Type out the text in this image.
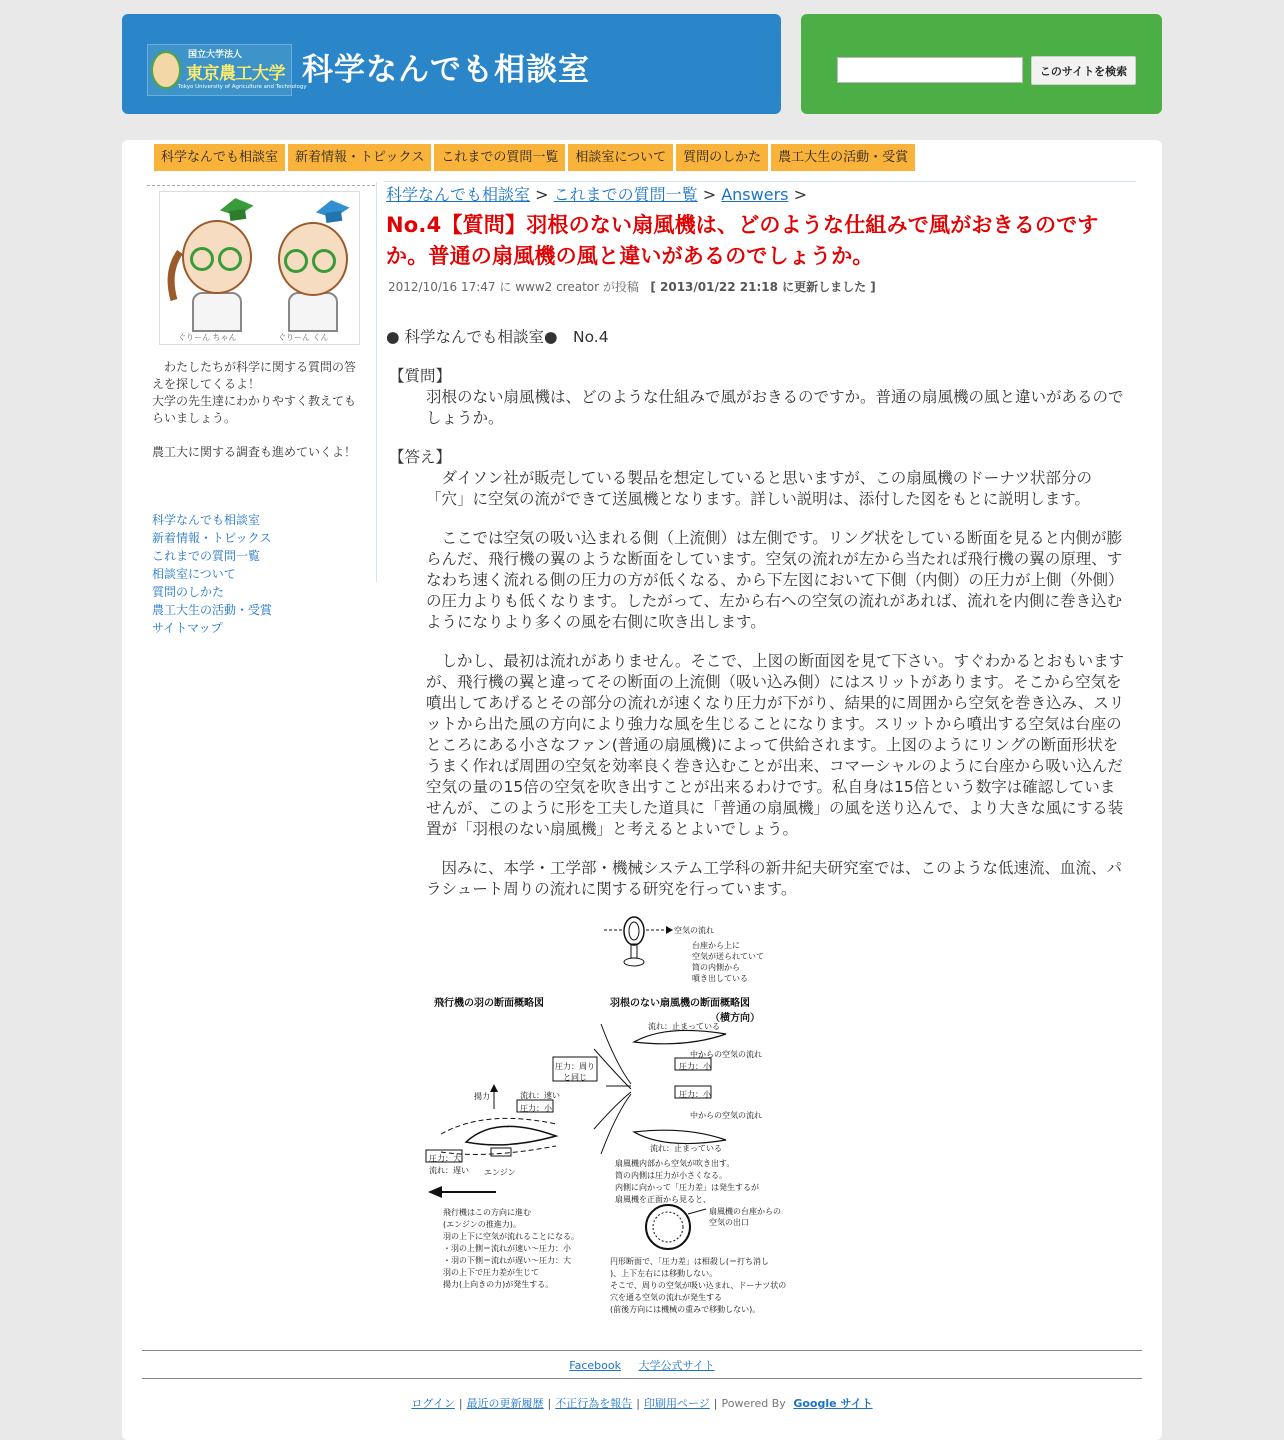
国立大学法人
東京農工大学
Tokyo University of Agriculture and Technology
科学なんでも相談室	このサイトを検索
科学なんでも相談室 新着情報・トピックス これまでの質問一覧 相談室について 質問のしかた 農工大生の活動・受賞
ぐりーん ちゃん	ぐりーん くん
　わたしたちが科学に関する質問の答えを探してくるよ！
大学の先生達にわかりやすく教えてもらいましょう。
農工大に関する調査も進めていくよ！
科学なんでも相談室
新着情報・トピックス
これまでの質問一覧
相談室について
質問のしかた
農工大生の活動・受賞
サイトマップ
科学なんでも相談室 > これまでの質問一覧 > Answers >
No.4【質問】羽根のない扇風機は、どのような仕組みで風がおきるのですか。普通の扇風機の風と違いがあるのでしょうか。
2012/10/16 17:47 に www2 creator が投稿 [ 2013/01/22 21:18 に更新しました ]
● 科学なんでも相談室●　No.4
【質問】
羽根のない扇風機は、どのような仕組みで風がおきるのですか。普通の扇風機の風と違いがあるのでしょうか。
【答え】
　ダイソン社が販売している製品を想定していると思いますが、この扇風機のドーナツ状部分の「穴」に空気の流ができて送風機となります。詳しい説明は、添付した図をもとに説明します。
　ここでは空気の吸い込まれる側（上流側）は左側です。リング状をしている断面を見ると内側が膨らんだ、飛行機の翼のような断面をしています。空気の流れが左から当たれば飛行機の翼の原理、すなわち速く流れる側の圧力の方が低くなる、から下左図において下側（内側）の圧力が上側（外側）の圧力よりも低くなります。したがって、左から右への空気の流れがあれば、流れを内側に巻き込むようになりより多くの風を右側に吹き出します。
　しかし、最初は流れがありません。そこで、上図の断面図を見て下さい。すぐわかるとおもいますが、飛行機の翼と違ってその断面の上流側（吸い込み側）にはスリットがあります。そこから空気を噴出してあげるとその部分の流れが速くなり圧力が下がり、結果的に周囲から空気を巻き込み、スリットから出た風の方向により強力な風を生じることになります。スリットから噴出する空気は台座のところにある小さなファン(普通の扇風機)によって供給されます。上図のようにリングの断面形状をうまく作れば周囲の空気を効率良く巻き込むことが出来、コマーシャルのように台座から吸い込んだ空気の量の15倍の空気を吹き出すことが出来るわけです。私自身は15倍という数字は確認していませんが、このように形を工夫した道具に「普通の扇風機」の風を送り込んで、より大きな風にする装置が「羽根のない扇風機」と考えるとよいでしょう。
　因みに、本学・工学部・機械システム工学科の新井紀夫研究室では、このような低速流、血流、パラシュート周りの流れに関する研究を行っています。
空気の流れ
台座から上に
空気が送られていて
筒の内側から
噴き出している
飛行機の羽の断面概略図	羽根のない扇風機の断面概略図
（横方向）
流れ：止まっている
中からの空気の流れ
圧力：小
圧力：周りと同じ
圧力：小
揚力	流れ：速い
圧力：小
中からの空気の流れ
流れ：止まっている
圧力：大
流れ：遅い エンジン
扇風機内部から空気が吹き出す。
筒の内側は圧力が小さくなる。
内側に向かって「圧力差」は発生するが
扇風機を正面から見ると、
扇風機の台座からの
空気の出口
飛行機はこの方向に進む
(エンジンの推進力)。
羽の上下に空気が流れることになる。
・羽の上側＝流れが速い～圧力：小
・羽の下側＝流れが遅い～圧力：大
羽の上下で圧力差が生じて
揚力(上向きの力)が発生する。
円形断面で、「圧力差」は相殺し(＝打ち消し
)、上下左右には移動しない。
そこで、周りの空気が吸い込まれ、ドーナツ状の
穴を通る空気の流れが発生する
(前後方向には機械の重みで移動しない)。
Facebook 大学公式サイト
ログイン | 最近の更新履歴 | 不正行為を報告 | 印刷用ページ | Powered By Google サイト
